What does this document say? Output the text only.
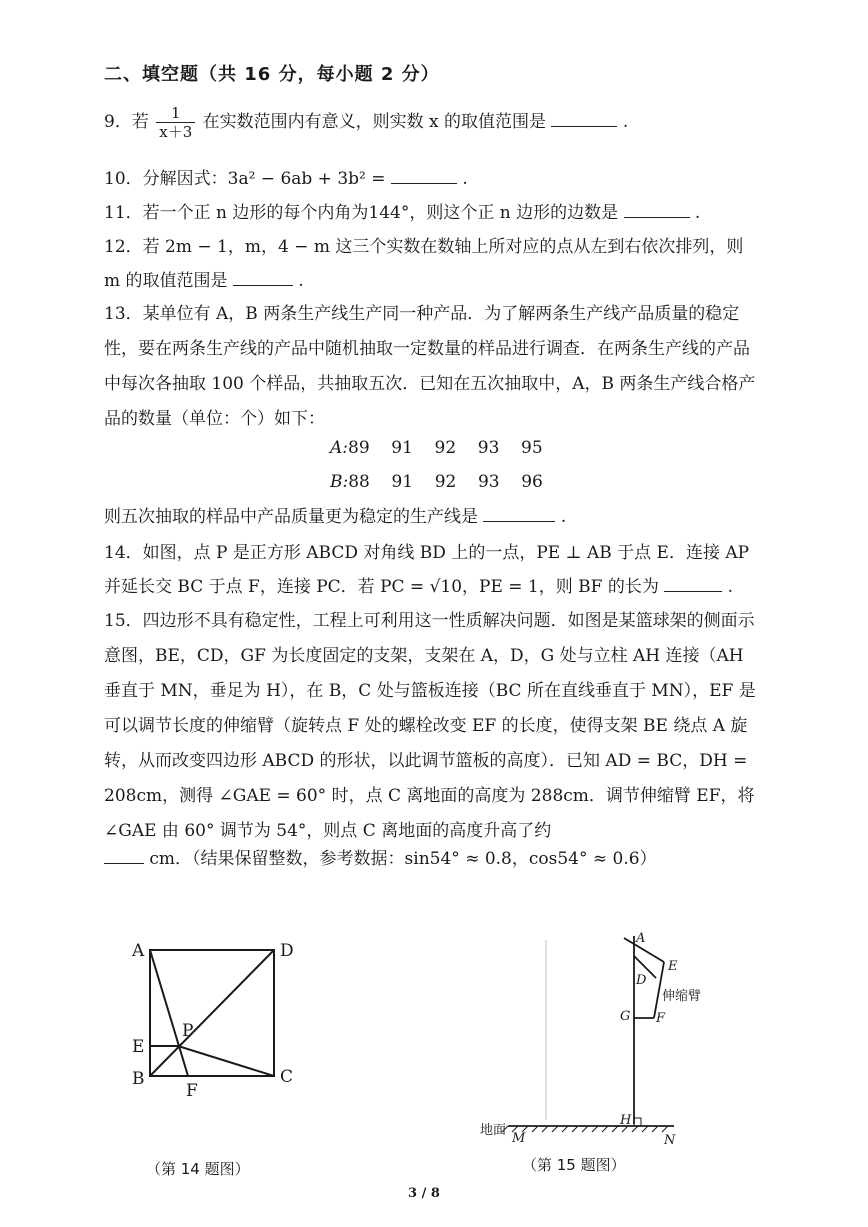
二、填空题（共 16 分，每小题 2 分）
9．若 $\frac{1}{x+3}$ 在实数范围内有意义，则实数 x 的取值范围是	.
10．分解因式：3a² − 6ab + 3b² =	.
11．若一个正 n 边形的每个内角为144°，则这个正 n 边形的边数是	.
12．若 2m − 1，m，4 − m 这三个实数在数轴上所对应的点从左到右依次排列，则
m 的取值范围是	.
13．某单位有 A，B 两条生产线生产同一种产品．为了解两条生产线产品质量的稳定性，要在两条生产线的产品中随机抽取一定数量的样品进行调查．在两条生产线的产品中每次各抽取 100 个样品，共抽取五次．已知在五次抽取中，A，B 两条生产线合格产品的数量（单位：个）如下：
A:89    91    92    93    95
B:88    91    92    93    96
则五次抽取的样品中产品质量更为稳定的生产线是	.
14．如图，点 P 是正方形 ABCD 对角线 BD 上的一点，PE ⊥ AB 于点 E．连接 AP
并延长交 BC 于点 F，连接 PC．若 PC = √10，PE = 1，则 BF 的长为	.
15．四边形不具有稳定性，工程上可利用这一性质解决问题．如图是某篮球架的侧面示意图，BE，CD，GF 为长度固定的支架，支架在 A，D，G 处与立柱 AH 连接（AH 垂直于 MN，垂足为 H），在 B，C 处与篮板连接（BC 所在直线垂直于 MN），EF 是可以调节长度的伸缩臂（旋转点 F 处的螺栓改变 EF 的长度，使得支架 BE 绕点 A 旋转，从而改变四边形 ABCD 的形状，以此调节篮板的高度）．已知 AD = BC，DH = 208cm，测得 ∠GAE = 60° 时，点 C 离地面的高度为 288cm．调节伸缩臂 EF，将 ∠GAE 由 60° 调节为 54°，则点 C 离地面的高度升高了约
cm．（结果保留整数，参考数据：sin54° ≈ 0.8，cos54° ≈ 0.6）
A	D
E
B	C
F
P
（第 14 题图）
A
E
D
G F
H
M	N
伸缩臂
地面
（第 15 题图）
3 / 8
